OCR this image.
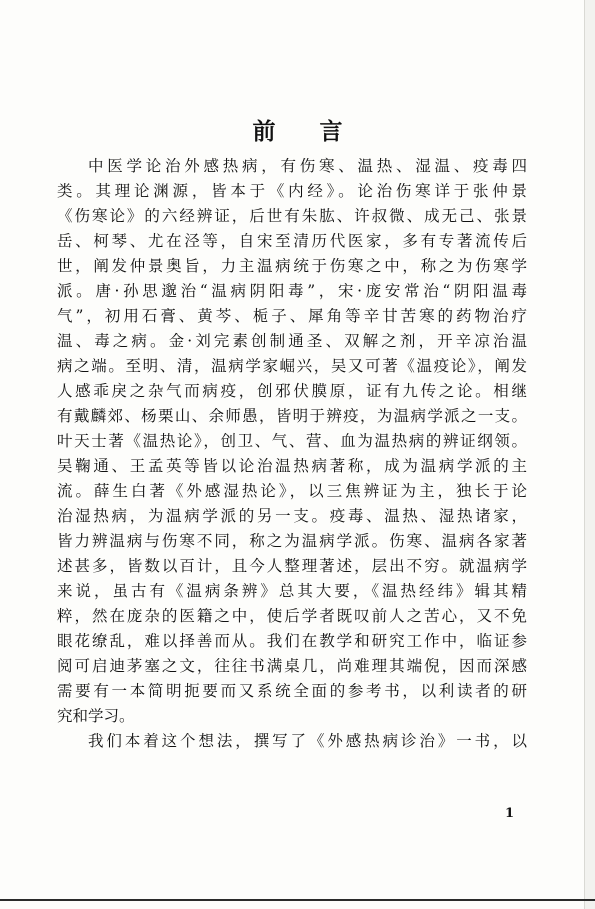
前 言
中医学论治外感热病，有伤寒、温热、湿温、疫毒四
类。其理论渊源，皆本于《内经》。论治伤寒详于张仲景
《伤寒论》的六经辨证，后世有朱肱、许叔微、成无己、张景
岳、柯琴、尤在泾等，自宋至清历代医家，多有专著流传后
世，阐发仲景奥旨，力主温病统于伤寒之中，称之为伤寒学
派。唐·孙思邈治“温病阴阳毒”，宋·庞安常治“阴阳温毒
气”，初用石膏、黄芩、栀子、犀角等辛甘苦寒的药物治疗
温、毒之病。金·刘完素创制通圣、双解之剂，开辛凉治温
病之端。至明、清，温病学家崛兴，吴又可著《温疫论》，阐发
人感乖戾之杂气而病疫，创邪伏膜原，证有九传之论。相继
有戴麟郊、杨栗山、余师愚，皆明于辨疫，为温病学派之一支。
叶天士著《温热论》，创卫、气、营、血为温热病的辨证纲领。
吴鞠通、王孟英等皆以论治温热病著称，成为温病学派的主
流。薛生白著《外感湿热论》，以三焦辨证为主，独长于论
治湿热病，为温病学派的另一支。疫毒、温热、湿热诸家，
皆力辨温病与伤寒不同，称之为温病学派。伤寒、温病各家著
述甚多，皆数以百计，且今人整理著述，层出不穷。就温病学
来说，虽古有《温病条辨》总其大要，《温热经纬》辑其精
粹，然在庞杂的医籍之中，使后学者既叹前人之苦心，又不免
眼花缭乱，难以择善而从。我们在教学和研究工作中，临证参
阅可启迪茅塞之文，往往书满桌几，尚难理其端倪，因而深感
需要有一本简明扼要而又系统全面的参考书，以利读者的研
究和学习。
我们本着这个想法，撰写了《外感热病诊治》一书，以
1
